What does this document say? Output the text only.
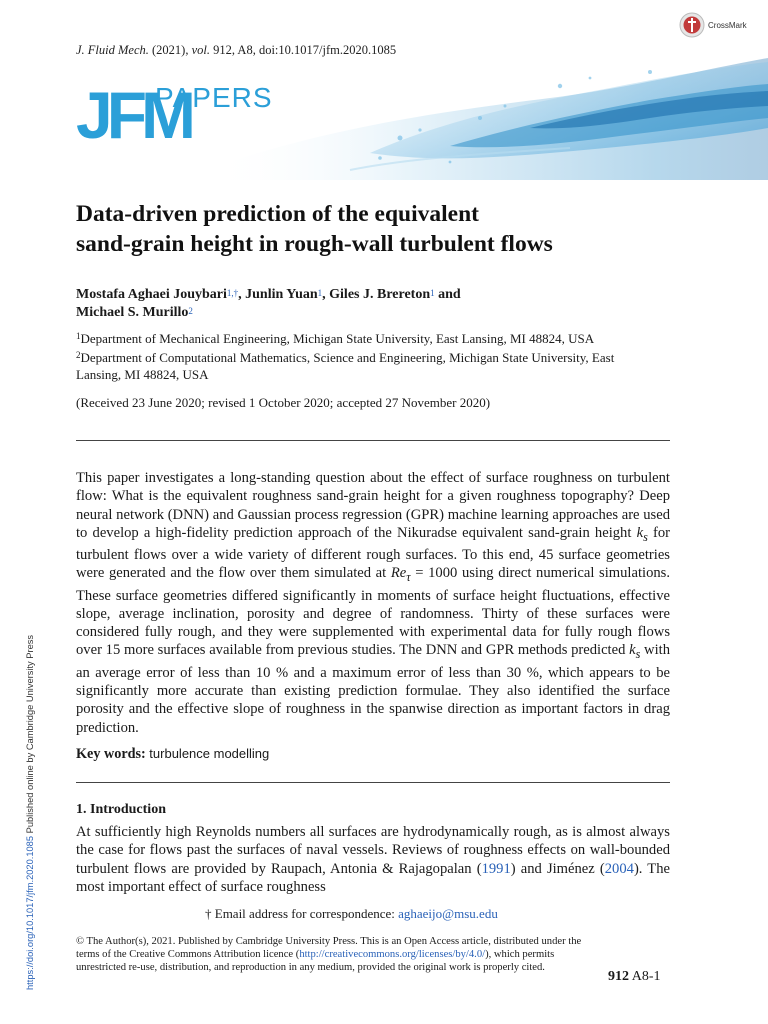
J. Fluid Mech. (2021), vol. 912, A8, doi:10.1017/jfm.2020.1085
CrossMark
JFM
PAPERS
Data-driven prediction of the equivalent
sand-grain height in rough-wall turbulent flows
Mostafa Aghaei Jouybari$^{1,\dagger}$, Junlin Yuan$^1$, Giles J. Brereton$^1$ and
Michael S. Murillo$^2$
$^1$Department of Mechanical Engineering, Michigan State University, East Lansing, MI 48824, USA
$^2$Department of Computational Mathematics, Science and Engineering, Michigan State University, East Lansing, MI 48824, USA
(Received 23 June 2020; revised 1 October 2020; accepted 27 November 2020)
This paper investigates a long-standing question about the effect of surface roughness on turbulent flow: What is the equivalent roughness sand-grain height for a given roughness topography? Deep neural network (DNN) and Gaussian process regression (GPR) machine learning approaches are used to develop a high-fidelity prediction approach of the Nikuradse equivalent sand-grain height $k_s$ for turbulent flows over a wide variety of different rough surfaces. To this end, 45 surface geometries were generated and the flow over them simulated at $Re_\tau = 1000$ using direct numerical simulations. These surface geometries differed significantly in moments of surface height fluctuations, effective slope, average inclination, porosity and degree of randomness. Thirty of these surfaces were considered fully rough, and they were supplemented with experimental data for fully rough flows over 15 more surfaces available from previous studies. The DNN and GPR methods predicted $k_s$ with an average error of less than 10 % and a maximum error of less than 30 %, which appears to be significantly more accurate than existing prediction formulae. They also identified the surface porosity and the effective slope of roughness in the spanwise direction as important factors in drag prediction.
Key words: turbulence modelling
1. Introduction
At sufficiently high Reynolds numbers all surfaces are hydrodynamically rough, as is almost always the case for flows past the surfaces of naval vessels. Reviews of roughness effects on wall-bounded turbulent flows are provided by Raupach, Antonia & Rajagopalan (1991) and Jiménez (2004). The most important effect of surface roughness
† Email address for correspondence: aghaeijo@msu.edu
© The Author(s), 2021. Published by Cambridge University Press. This is an Open Access article, distributed under the terms of the Creative Commons Attribution licence (http://creativecommons.org/licenses/by/4.0/), which permits unrestricted re-use, distribution, and reproduction in any medium, provided the original work is properly cited.
912 A8-1
https://doi.org/10.1017/jfm.2020.1085 Published online by Cambridge University Press
